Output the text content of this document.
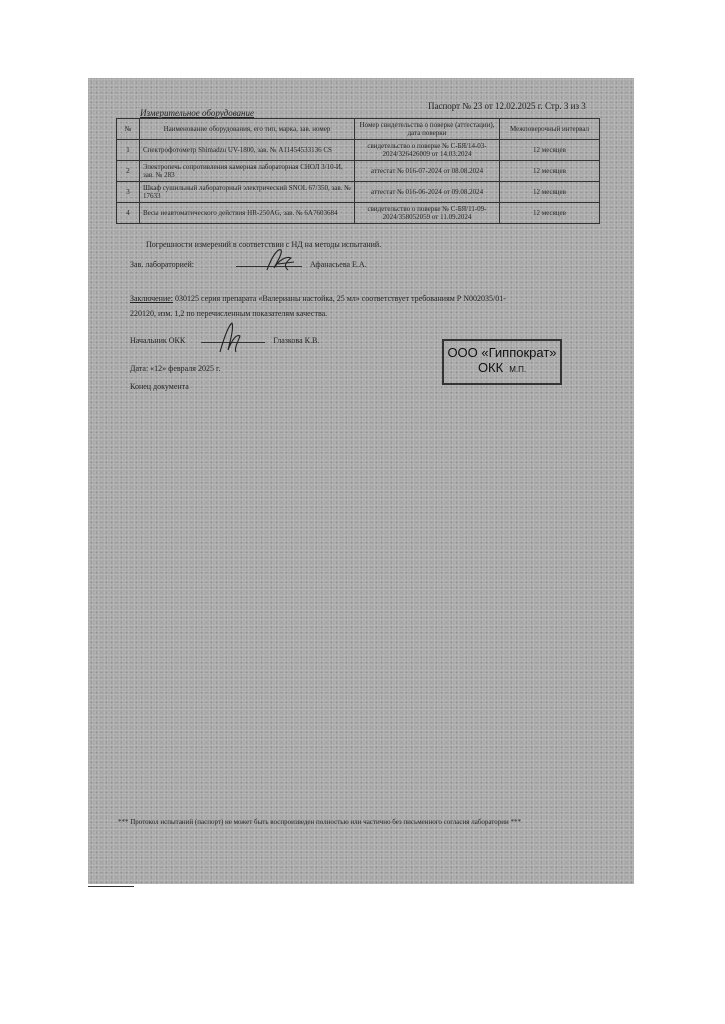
Измерительное оборудование
Паспорт № 23 от 12.02.2025 г. Стр. 3 из 3
№	Наименование оборудования, его тип, марка, зав. номер	Номер свидетельства о поверке (аттестации), дата поверки	Межповерочный интервал
1	Спектрофотометр Shimadzu UV-1800, зав. № A11454533136 CS	свидетельство о поверке № С-БЯ/14-03-2024/326426009 от 14.03.2024	12 месяцев
2	Электропечь сопротивления камерная лабораторная СНОЛ 3/10-И, зав. № 283	аттестат № 016-07-2024 от 08.08.2024	12 месяцев
3	Шкаф сушильный лабораторный электрический SNOL 67/350, зав. № 17633	аттестат № 016-06-2024 от 09.08.2024	12 месяцев
4	Весы неавтоматического действия HR-250AG, зав. № 6A7603684	свидетельство о поверке № С-БЯ/11-09-2024/358052059 от 11.09.2024	12 месяцев
Погрешности измерений в соответствии с НД на методы испытаний.
Зав. лабораторией:	Афанасьева Е.А.
Заключение: 030125 серия препарата «Валерианы настойка, 25 мл» соответствует требованиям Р N002035/01-
220120, изм. 1,2 по перечисленным показателям качества.
Начальник ОКК	Глазкова К.В.
Дата: «12» февраля 2025 г.
Конец документа
ООО «Гиппократ»
ОКК М.П.
*** Протокол испытаний (паспорт) не может быть воспроизведен полностью или частично без письменного согласия лаборатории ***
